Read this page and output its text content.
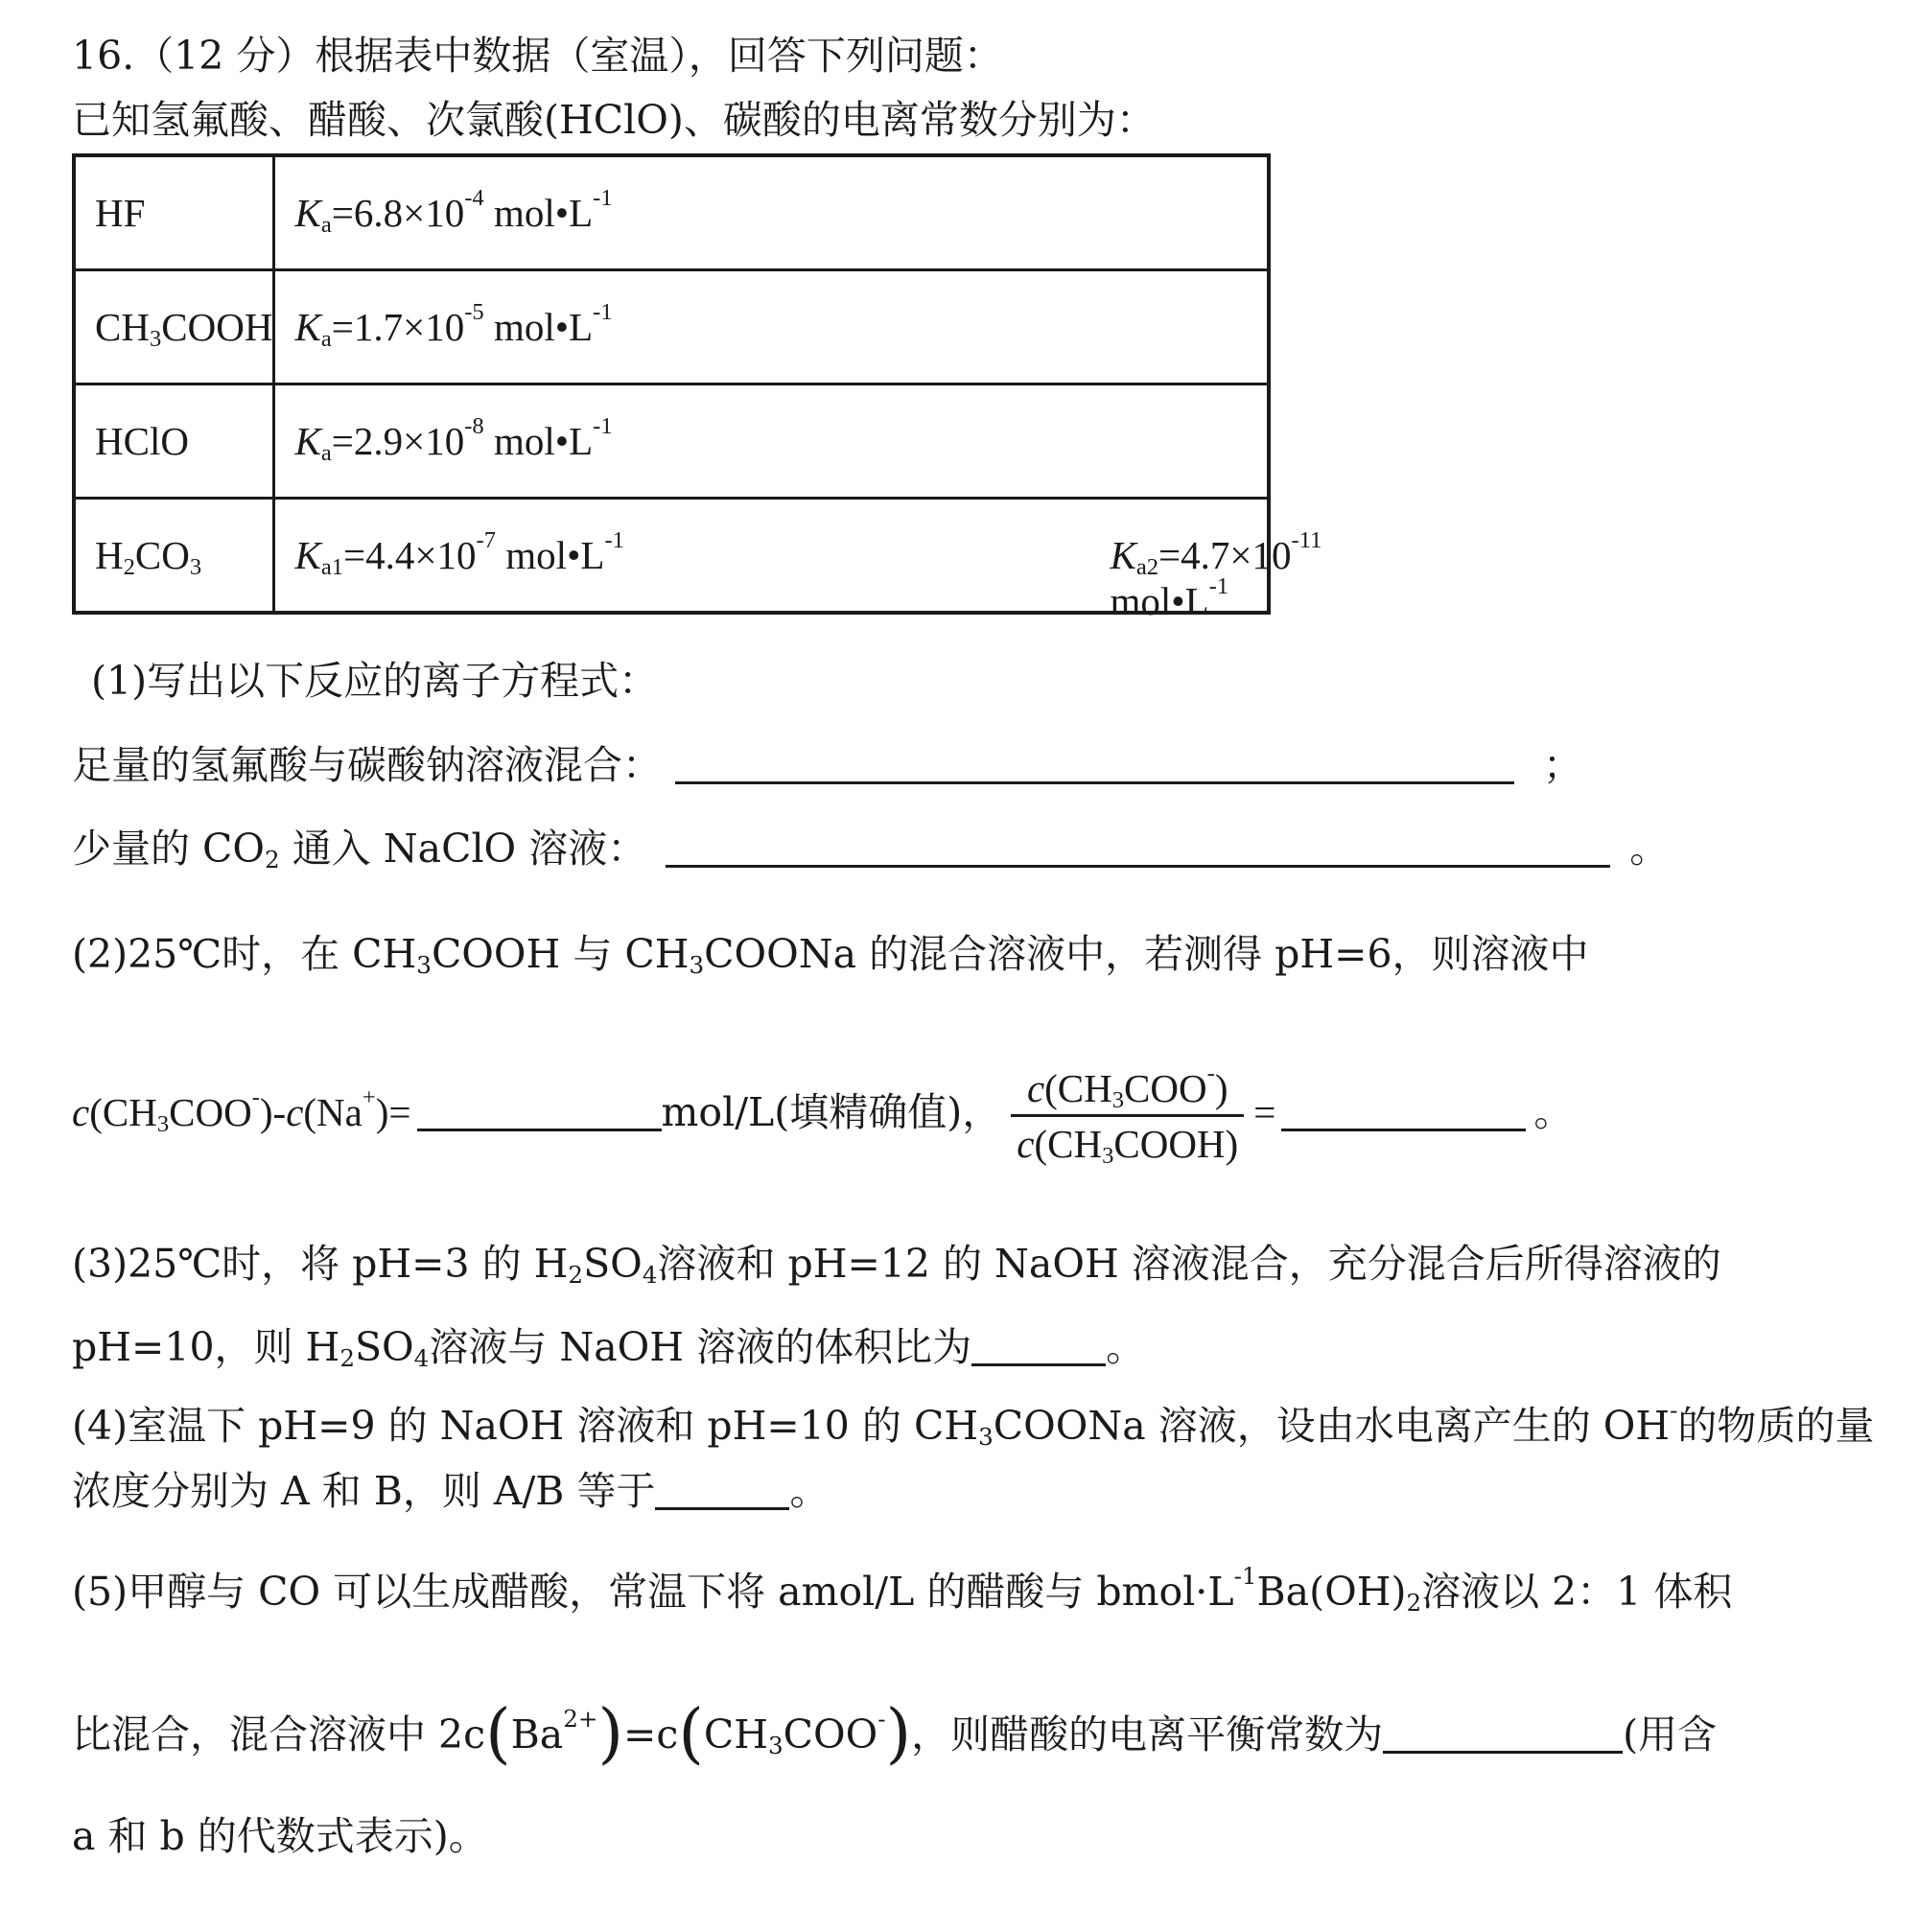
16.（12 分）根据表中数据（室温），回答下列问题：
已知氢氟酸、醋酸、次氯酸(HClO)、碳酸的电离常数分别为：
HF	$K_a=6.8\times 10^{-4}$ $mol•L^{-1}$
$CH_3COOH$	$K_a=1.7\times 10^{-5}$ $mol•L^{-1}$
HClO	$K_a=2.9\times 10^{-8}$ $mol•L^{-1}$
$H_2CO_3$	$K_{a1}=4.4\times 10^{-7}$ $mol•L^{-1}$ $K_{a2}=4.7\times 10^{-11}$ $mol•L^{-1}$
(1)写出以下反应的离子方程式：
足量的氢氟酸与碳酸钠溶液混合：	；
少量的 $CO_2$ 通入 NaClO 溶液：	。
(2)25℃时，在 $CH_3COOH$ 与 $CH_3COONa$ 的混合溶液中，若测得 pH=6，则溶液中
$c(CH_3COO^-)-c(Na^+)=$	mol/L(填精确值)， $\frac{c(CH_3COO^-)}{c(CH_3COOH)}$ =	。
(3)25℃时，将 pH=3 的 $H_2SO_4$溶液和 pH=12 的 NaOH 溶液混合，充分混合后所得溶液的
pH=10，则 $H_2SO_4$溶液与 NaOH 溶液的体积比为	。
(4)室温下 pH=9 的 NaOH 溶液和 pH=10 的 $CH_3COONa$ 溶液，设由水电离产生的 OH-的物质的量
浓度分别为 A 和 B，则 A/B 等于	。
(5)甲醇与 CO 可以生成醋酸，常温下将 amol/L 的醋酸与 $bmol\cdot L^{-1}Ba(OH)_2$溶液以 2：1 体积
比混合，混合溶液中 $2c(Ba^{2+})=c(CH_3COO^-)$，则醋酸的电离平衡常数为	(用含
a 和 b 的代数式表示)。
